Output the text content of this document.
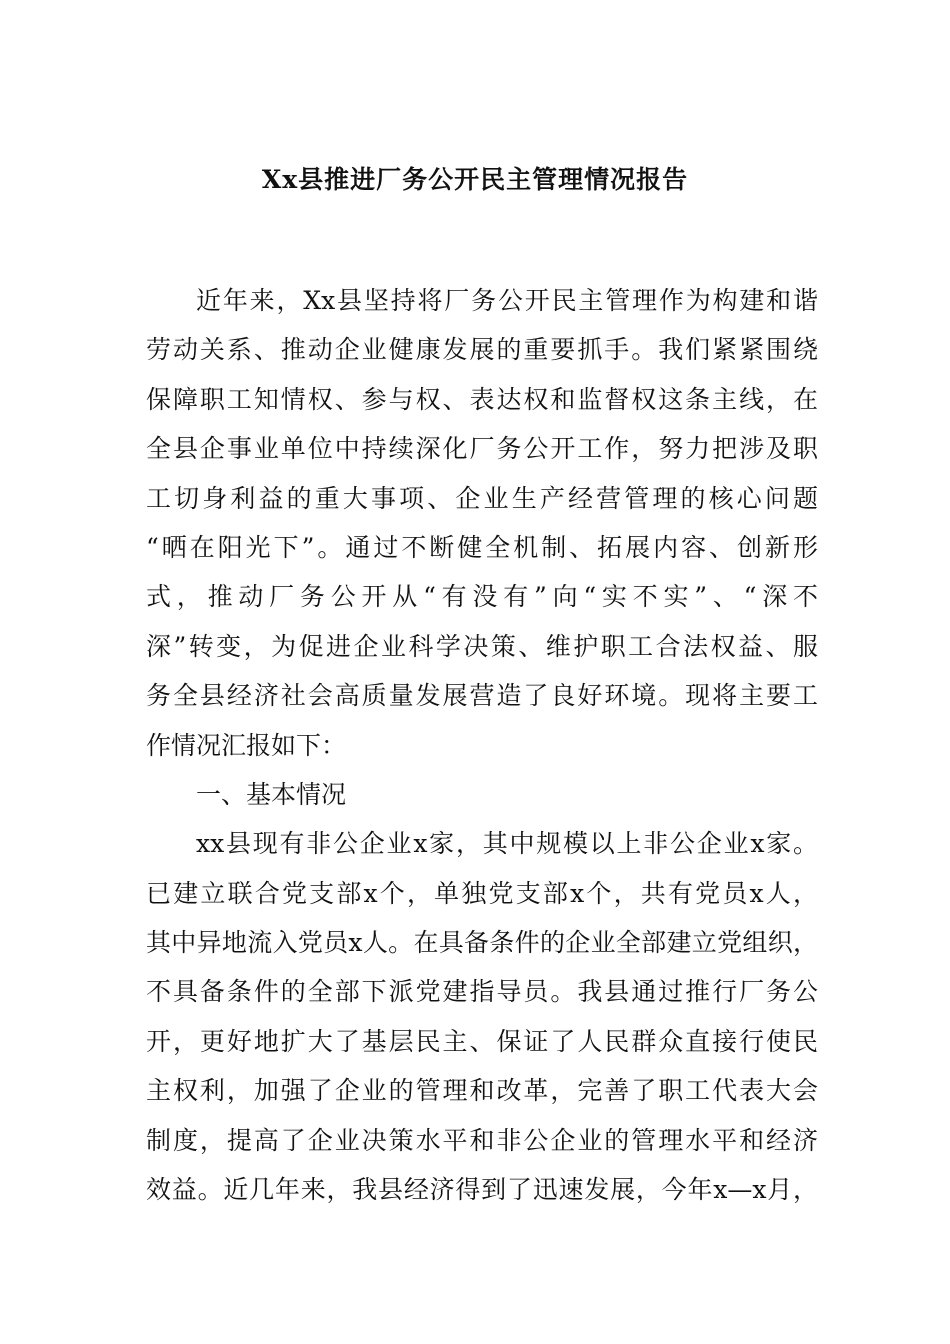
Xx县推进厂务公开民主管理情况报告
近年来，Xx县坚持将厂务公开民主管理作为构建和谐
劳动关系、推动企业健康发展的重要抓手。我们紧紧围绕
保障职工知情权、参与权、表达权和监督权这条主线，在
全县企事业单位中持续深化厂务公开工作，努力把涉及职
工切身利益的重大事项、企业生产经营管理的核心问题
“晒在阳光下”。通过不断健全机制、拓展内容、创新形
式，推动厂务公开从“有没有”向“实不实”、“深不
深”转变，为促进企业科学决策、维护职工合法权益、服
务全县经济社会高质量发展营造了良好环境。现将主要工
作情况汇报如下：
一、基本情况
xx县现有非公企业x家，其中规模以上非公企业x家。
已建立联合党支部x个，单独党支部x个，共有党员x人，
其中异地流入党员x人。在具备条件的企业全部建立党组织，
不具备条件的全部下派党建指导员。我县通过推行厂务公
开，更好地扩大了基层民主、保证了人民群众直接行使民
主权利，加强了企业的管理和改革，完善了职工代表大会
制度，提高了企业决策水平和非公企业的管理水平和经济
效益。近几年来，我县经济得到了迅速发展，今年x—x月，
